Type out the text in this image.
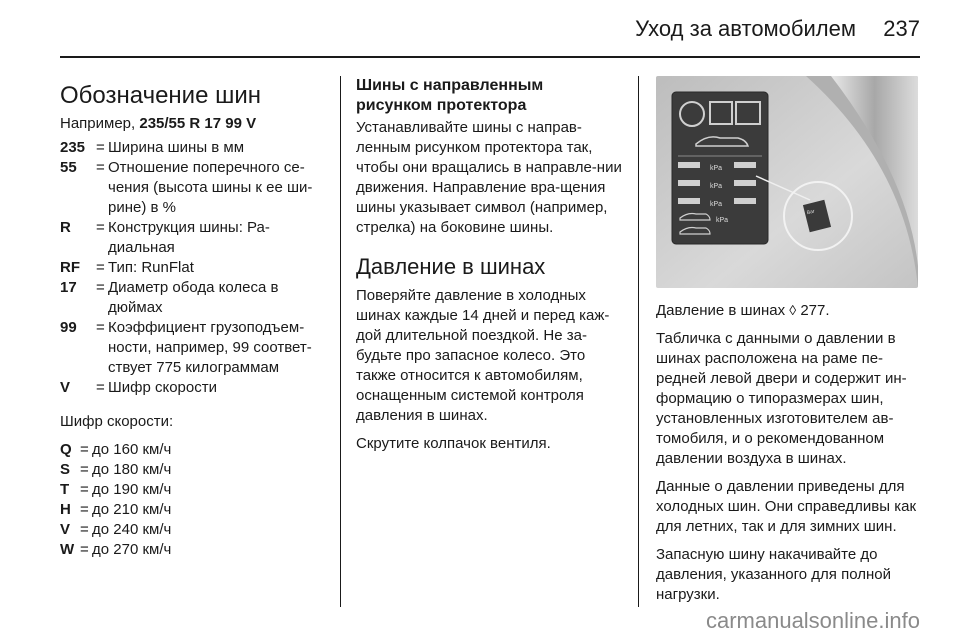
Уход за автомобилем 237
Обозначение шин
Например, 235/55 R 17 99 V
235 = Ширина шины в мм
55	= Отношение поперечного се-чения (высота шины к ее ши-рине) в %
R	= Конструкция шины: Ра-диальная
RF	= Тип: RunFlat
17	= Диаметр обода колеса в дюймах
99	= Коэффициент грузоподъем-ности, например, 99 соответ-ствует 775 килограммам
V	= Шифр скорости

Шифр скорости:

Q = до 160 км/ч
S = до 180 км/ч
T = до 190 км/ч
H = до 210 км/ч
V = до 240 км/ч
W = до 270 км/ч
Шины с направленным рисунком протектора

Устанавливайте шины с направ-ленным рисунком протектора так, чтобы они вращались в направле-нии движения. Направление вра-щения шины указывает символ (например, стрелка) на боковине шины.

Давление в шинах

Поверяйте давление в холодных шинах каждые 14 дней и перед каж-дой длительной поездкой. Не за-будьте про запасное колесо. Это также относится к автомобилям, оснащенным системой контроля давления в шинах.

Скрутите колпачок вентиля.

kPa
kPa
kPa
kPa
Bar

Давление в шинах ◊ 277.

Табличка с данными о давлении в шинах расположена на раме пе-редней левой двери и содержит ин-формацию о типоразмерах шин, установленных изготовителем ав-томобиля, и о рекомендованном давлении воздуха в шинах.

Данные о давлении приведены для холодных шин. Они справедливы как для летних, так и для зимних шин.

Запасную шину накачивайте до давления, указанного для полной нагрузки.

carmanualsonline.info
